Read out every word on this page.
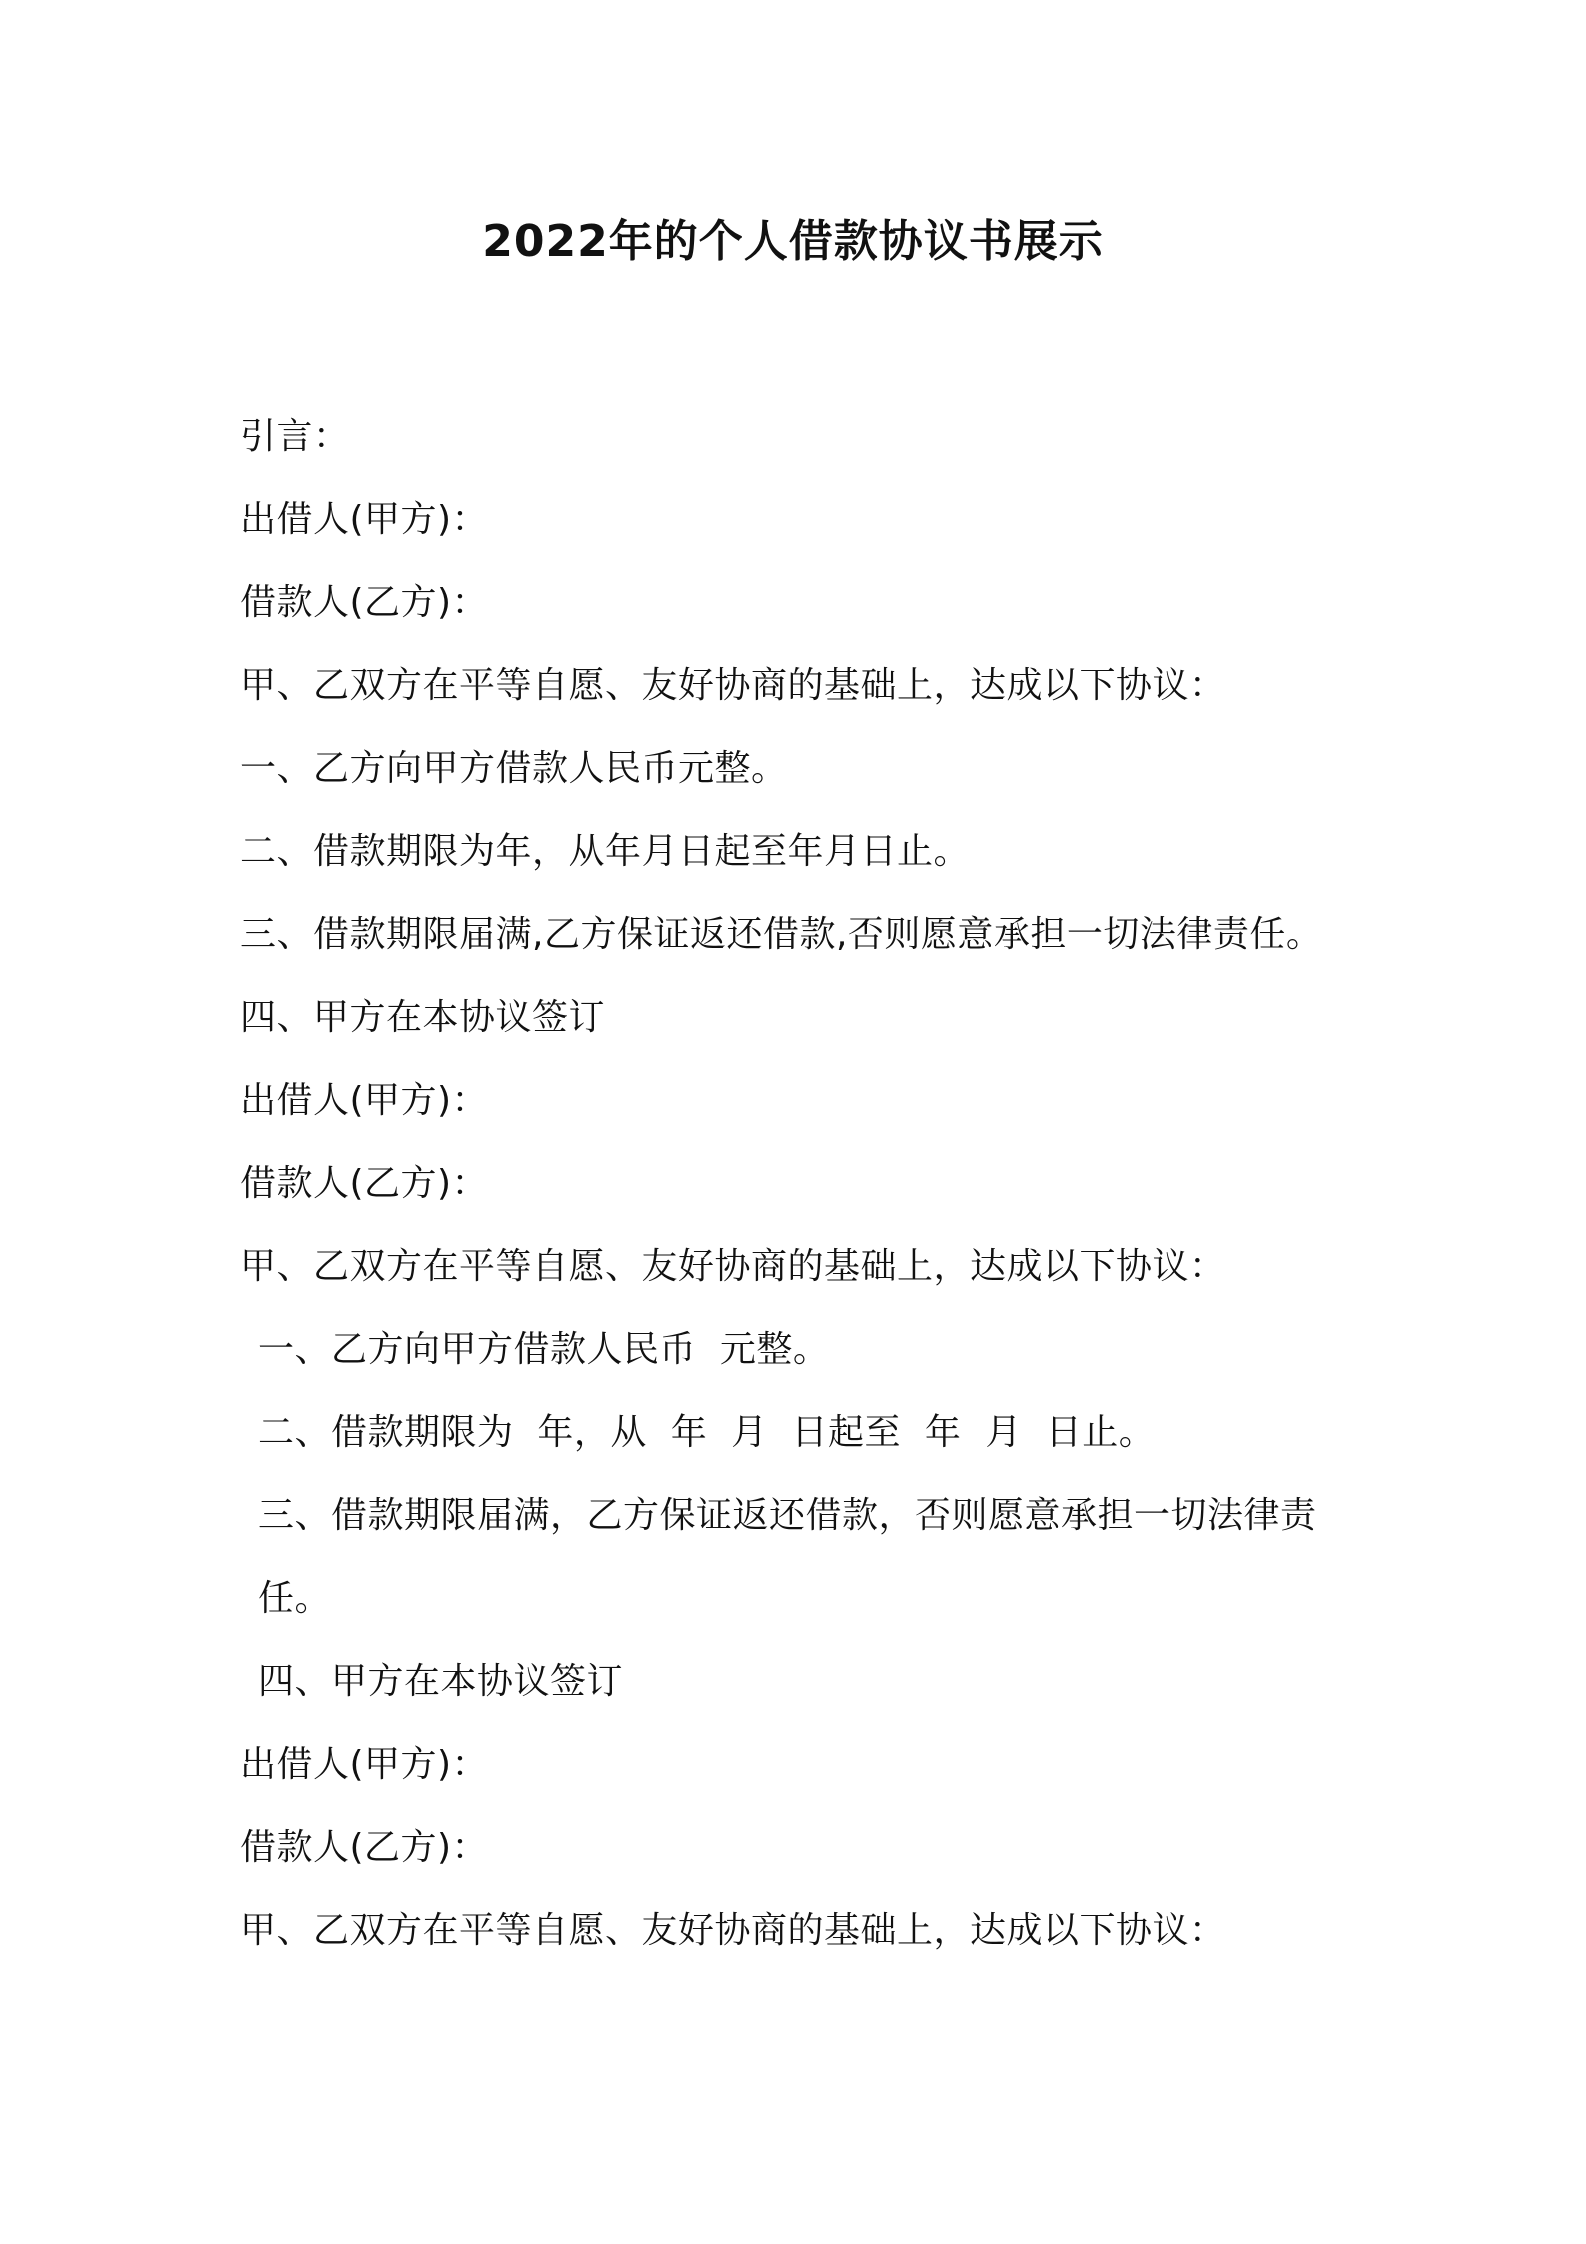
2022年的个人借款协议书展示
引言：
出借人(甲方)：
借款人(乙方)：
甲、乙双方在平等自愿、友好协商的基础上，达成以下协议：
一、乙方向甲方借款人民币元整。
二、借款期限为年，从年月日起至年月日止。
三、借款期限届满,乙方保证返还借款,否则愿意承担一切法律责任。
四、甲方在本协议签订
出借人(甲方)：
借款人(乙方)：
甲、乙双方在平等自愿、友好协商的基础上，达成以下协议：
一、乙方向甲方借款人民币  元整。
二、借款期限为  年，从  年  月  日起至  年  月  日止。
三、借款期限届满，乙方保证返还借款，否则愿意承担一切法律责
任。
四、甲方在本协议签订
出借人(甲方)：
借款人(乙方)：
甲、乙双方在平等自愿、友好协商的基础上，达成以下协议：
